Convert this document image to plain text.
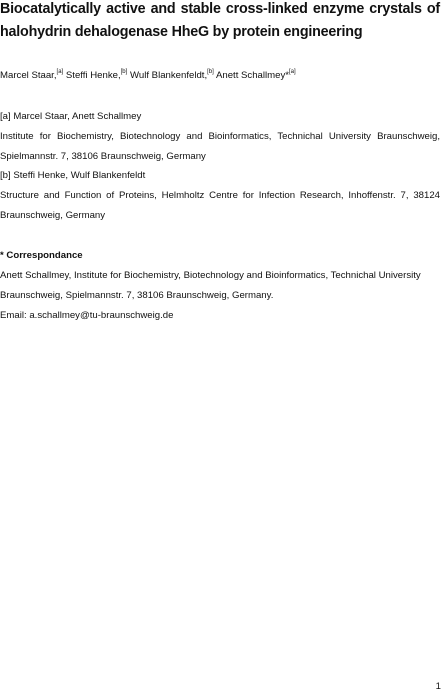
Biocatalytically active and stable cross-linked enzyme crystals of
halohydrin dehalogenase HheG by protein engineering
Marcel Staar,[a] Steffi Henke,[b] Wulf Blankenfeldt,[b] Anett Schallmey*[a]
[a] Marcel Staar, Anett Schallmey
Institute for Biochemistry, Biotechnology and Bioinformatics, Technichal University Braunschweig,
Spielmannstr. 7, 38106 Braunschweig, Germany
[b] Steffi Henke, Wulf Blankenfeldt
Structure and Function of Proteins, Helmholtz Centre for Infection Research, Inhoffenstr. 7, 38124
Braunschweig, Germany
* Correspondance
Anett Schallmey, Institute for Biochemistry, Biotechnology and Bioinformatics, Technichal University
Braunschweig, Spielmannstr. 7, 38106 Braunschweig, Germany.
Email: a.schallmey@tu-braunschweig.de
1
